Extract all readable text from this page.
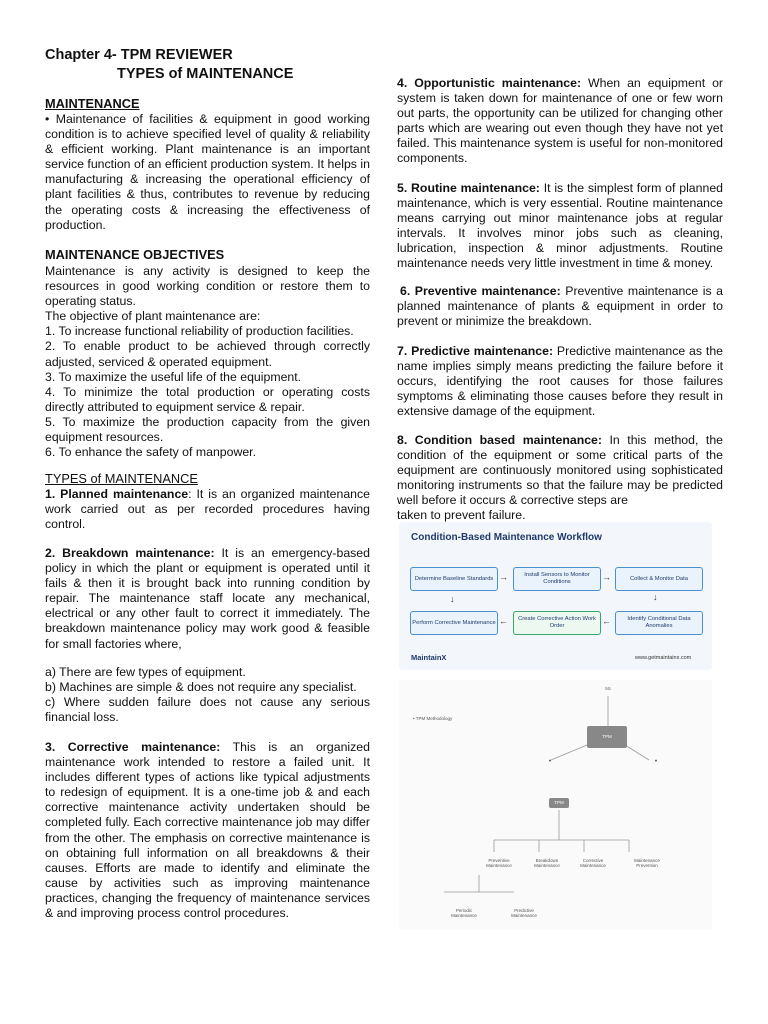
Chapter 4- TPM REVIEWER
TYPES of MAINTENANCE
MAINTENANCE

• Maintenance of facilities & equipment in good working condition is to achieve specified level of quality & reliability & efficient working. Plant maintenance is an important service function of an efficient production system. It helps in manufacturing & increasing the operational efficiency of plant facilities & thus, contributes to revenue by reducing the operating costs & increasing the effectiveness of production.

MAINTENANCE OBJECTIVES

Maintenance is any activity is designed to keep the resources in good working condition or restore them to operating status.

The objective of plant maintenance are:

1. To increase functional reliability of production facilities.

2. To enable product to be achieved through correctly adjusted, serviced & operated equipment.

3. To maximize the useful life of the equipment.

4. To minimize the total production or operating costs directly attributed to equipment service & repair.

5. To maximize the production capacity from the given equipment resources.

6. To enhance the safety of manpower.

TYPES of MAINTENANCE

1. Planned maintenance: It is an organized maintenance work carried out as per recorded procedures having control.

2. Breakdown maintenance: It is an emergency-based policy in which the plant or equipment is operated until it fails & then it is brought back into running condition by repair. The maintenance staff locate any mechanical, electrical or any other fault to correct it immediately. The breakdown maintenance policy may work good & feasible for small factories where,

a) There are few types of equipment.

b) Machines are simple & does not require any specialist.

c) Where sudden failure does not cause any serious financial loss.

3. Corrective maintenance: This is an organized maintenance work intended to restore a failed unit. It includes different types of actions like typical adjustments to redesign of equipment. It is a one-time job & and each corrective maintenance activity undertaken should be completed fully. Each corrective maintenance job may differ from the other. The emphasis on corrective maintenance is on obtaining full information on all breakdowns & their causes. Efforts are made to identify and eliminate the cause by activities such as improving maintenance practices, changing the frequency of maintenance services & and improving process control procedures.

4. Opportunistic maintenance: When an equipment or system is taken down for maintenance of one or few worn out parts, the opportunity can be utilized for changing other parts which are wearing out even though they have not yet failed. This maintenance system is useful for non-monitored components.

5. Routine maintenance: It is the simplest form of planned maintenance, which is very essential. Routine maintenance means carrying out minor maintenance jobs at regular intervals. It involves minor jobs such as cleaning, lubrication, inspection & minor adjustments. Routine maintenance needs very little investment in time & money.

6. Preventive maintenance: Preventive maintenance is a planned maintenance of plants & equipment in order to prevent or minimize the breakdown.

7. Predictive maintenance: Predictive maintenance as the name implies simply means predicting the failure before it occurs, identifying the root causes for those failures symptoms & eliminating those causes before they result in extensive damage of the equipment.

8. Condition based maintenance: In this method, the condition of the equipment or some critical parts of the equipment are continuously monitored using sophisticated monitoring instruments so that the failure may be predicted well before it occurs & corrective steps are

taken to prevent failure.

Condition-Based Maintenance Workflow
Determine Baseline Standards →	Install Sensors to Monitor Conditions	→	Collect & Monitor Data
↓
Identify Conditional Data Anomalies
←
Create Corrective Action Work Order
←
Perform Corrective Maintenance
↓
MaintainX	www.getmaintainx.com
• TPM Methodology
5S
TPM
●	●
TPM
Preventive Maintenance
Breakdown Maintenance
Corrective Maintenance
Maintenance Prevention
Periodic Maintenance
Predictive Maintenance
